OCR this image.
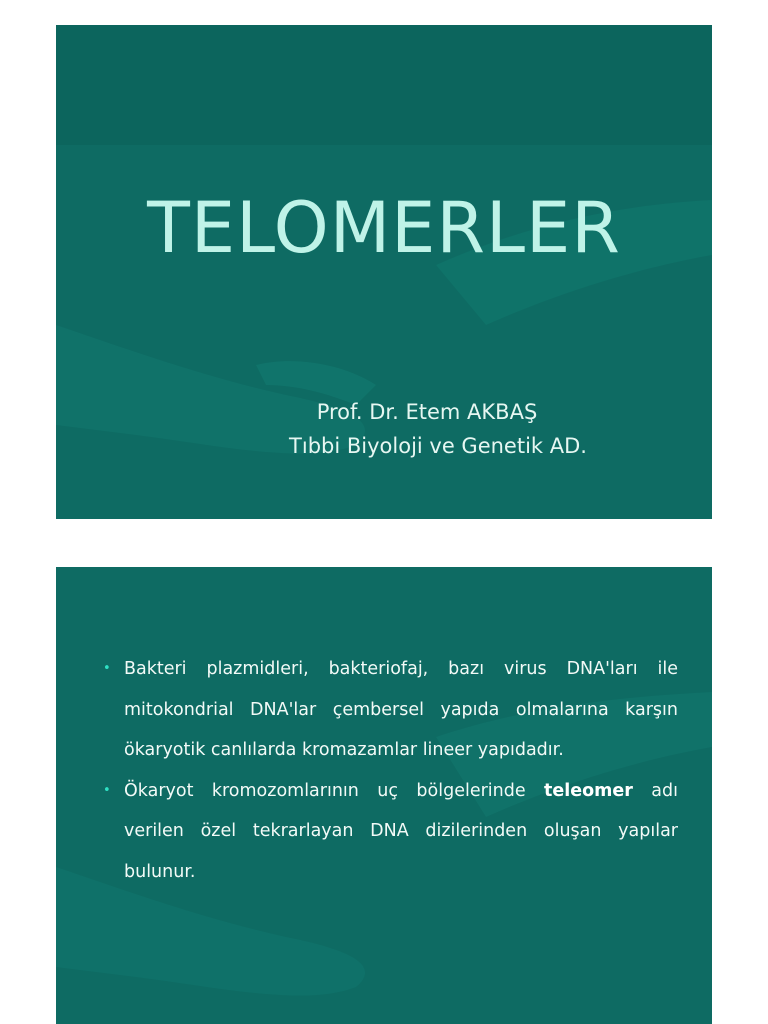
TELOMERLER
Prof. Dr. Etem AKBAŞ
Tıbbi Biyoloji ve Genetik AD.
• Bakteri plazmidleri, bakteriofaj, bazı virus DNA'ları ile mitokondrial DNA'lar çembersel yapıda olmalarına karşın ökaryotik canlılarda kromazamlar lineer yapıdadır.
• Ökaryot kromozomlarının uç bölgelerinde teleomer adı verilen özel tekrarlayan DNA dizilerinden oluşan yapılar bulunur.
